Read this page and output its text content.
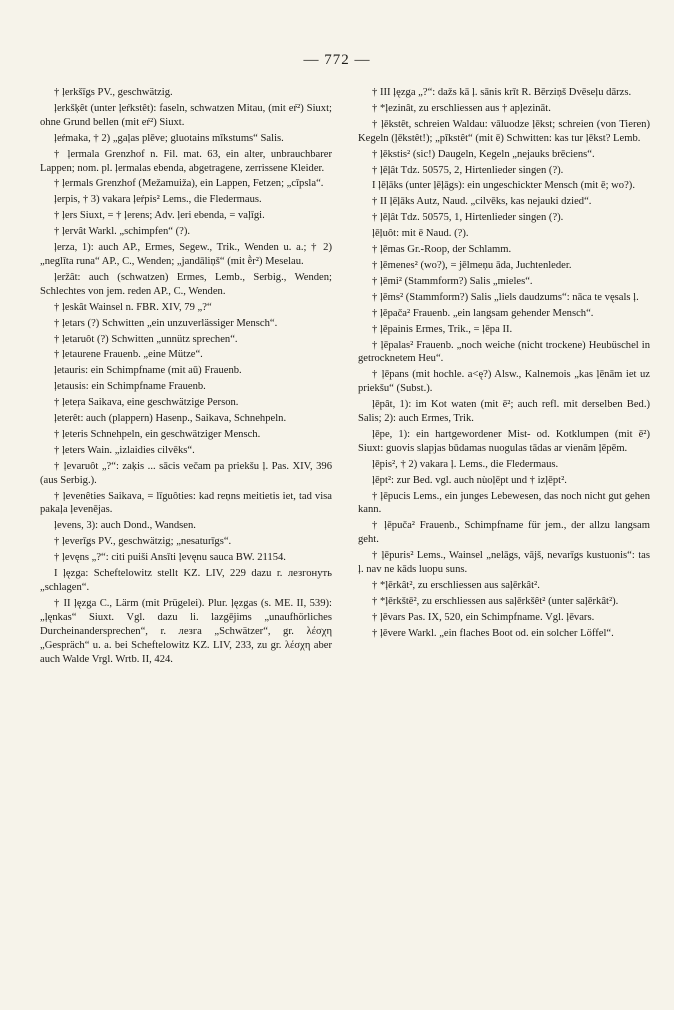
— 772 —

† ļerkšīgs PV., geschwätzig.

ļerkšķêt (unter ļeŕkstêt): faseln, schwatzen Mitau, (mit eŕ²) Siuxt; ohne Grund bellen (mit eŕ²) Siuxt.

ļeŕmaka, † 2) „gaļas plēve; gluotains mīkstums“ Salis.

† ļermala Grenzhof n. Fil. mat. 63, ein alter, unbrauchbarer Lappen; nom. pl. ļermalas ebenda, abgetragene, zerrissene Kleider.

† ļermals Grenzhof (Mežamuiža), ein Lappen, Fetzen; „cīpsla“.

ļerpis, † 3) vakara ļeŕpis² Lems., die Fledermaus.

† ļers Siuxt, = † ļerens; Adv. ļeri ebenda, = vaļīgi.

† ļervât Warkl. „schimpfen“ (?).

ļerza, 1): auch AP., Ermes, Segew., Trik., Wenden u. a.; † 2) „neglīta runa“ AP., C., Wenden; „jandāliņš“ (mit ḕr²) Meselau.

ļeržât: auch (schwatzen) Ermes, Lemb., Serbig., Wenden; Schlechtes von jem. reden AP., C., Wenden.

† ļeskât Wainsel n. FBR. XIV, 79 „?“

† ļetars (?) Schwitten „ein unzuverlässiger Mensch“.

† ļetaruôt (?) Schwitten „unnütz sprechen“.

† ļetaurene Frauenb. „eine Mütze“.

ļetauris: ein Schimpfname (mit aū) Frauenb.

ļetausis: ein Schimpfname Frauenb.

† ļeteŗa Saikava, eine geschwätzige Person.

ļeterêt: auch (plappern) Hasenp., Saikava, Schnehpeln.

† ļeteris Schnehpeln, ein geschwätziger Mensch.

† ļeters Wain. „izlaidies cilvēks“.

† ļevaruôt „?“: zaķis ... sācis večam pa priekšu ļ. Pas. XIV, 396 (aus Serbig.).

† ļevenêties Saikava, = līguôties: kad reņns meitietis iet, tad visa pakaļa ļevenējas.

ļevens, 3): auch Dond., Wandsen.

† ļeverīgs PV., geschwätzig; „nesaturīgs“.

† ļevęns „?“: citi puiši Ansīti ļevęnu sauca BW. 21154.

I ļęzga: Scheftelowitz stellt KZ. LIV, 229 dazu r. лезгонуть „schlagen“.

† II ļęzga C., Lärm (mit Prügelei). Plur. ļęzgas (s. ME. II, 539): „ļęnkas“ Siuxt. Vgl. dazu li. lazgējims „unaufhörliches Durcheinandersprechen“, r. лезга „Schwätzer“, gr. λέσχη „Gespräch“ u. a. bei Scheftelowitz KZ. LIV, 233, zu gr. λέσχη aber auch Walde Vrgl. Wrtb. II, 424.

† III ļęzga „?“: dažs kā ļ. sānis krīt R. Bērziņš Dvēseļu dārzs.

† *ļezinât, zu erschliessen aus † apļezināt.

† ļēkstêt, schreien Waldau: vāluodze ļēkst; schreien (von Tieren) Kegeln (ļēkstêt!); „pīkstêt“ (mit ē) Schwitten: kas tur ļēkst? Lemb.

† ļēkstis² (sic!) Daugeln, Kegeln „nejauks brēciens“.

† ļēļât Tdz. 50575, 2, Hirtenlieder singen (?).

I ļēļāks (unter ļēļāgs): ein ungeschickter Mensch (mit ē; wo?).

† II ļēļāks Autz, Naud. „cilvēks, kas nejauki dzied“.

† ļēļât Tdz. 50575, 1, Hirtenlieder singen (?).

ļēļuôt: mit ē Naud. (?).

† ļēmas Gr.-Roop, der Schlamm.

† ļēmenes² (wo?), = jēlmeņu āda, Juchtenleder.

† ļēmi² (Stammform?) Salis „mieles“.

† ļēms² (Stammform?) Salis „liels daudzums“: nāca te vęsals ļ.

† ļēpača² Frauenb. „ein langsam gehender Mensch“.

† ļēpainis Ermes, Trik., = ļēpa II.

† ļēpalas² Frauenb. „noch weiche (nicht trockene) Heubüschel in getrocknetem Heu“.

† ļēpans (mit hochle. a<ę?) Alsw., Kalnemois „kas ļēnām iet uz priekšu“ (Subst.).

ļēpât, 1): im Kot waten (mit ē²; auch refl. mit derselben Bed.) Salis; 2): auch Ermes, Trik.

ļēpe, 1): ein hartgewordener Mist- od. Kotklumpen (mit ē²) Siuxt: guovis slapjas būdamas nuogulas tādas ar vienām ļēpēm.

ļēpis², † 2) vakara ļ. Lems., die Fledermaus.

ļēpt²: zur Bed. vgl. auch nùoļēpt und † izļēpt².

† ļēpucis Lems., ein junges Lebewesen, das noch nicht gut gehen kann.

† ļēpuča² Frauenb., Schimpfname für jem., der allzu langsam geht.

† ļēpuris² Lems., Wainsel „nelāgs, vājš, nevarīgs kustuonis“: tas ļ. nav ne kāds luopu suns.

† *ļērkât², zu erschliessen aus saļērkât².

† *ļērkštē², zu erschliessen aus saļērkšêt² (unter saļērkât²).

† ļēvars Pas. IX, 520, ein Schimpfname. Vgl. ļēvars.

† ļēvere Warkl. „ein flaches Boot od. ein solcher Löffel“.
